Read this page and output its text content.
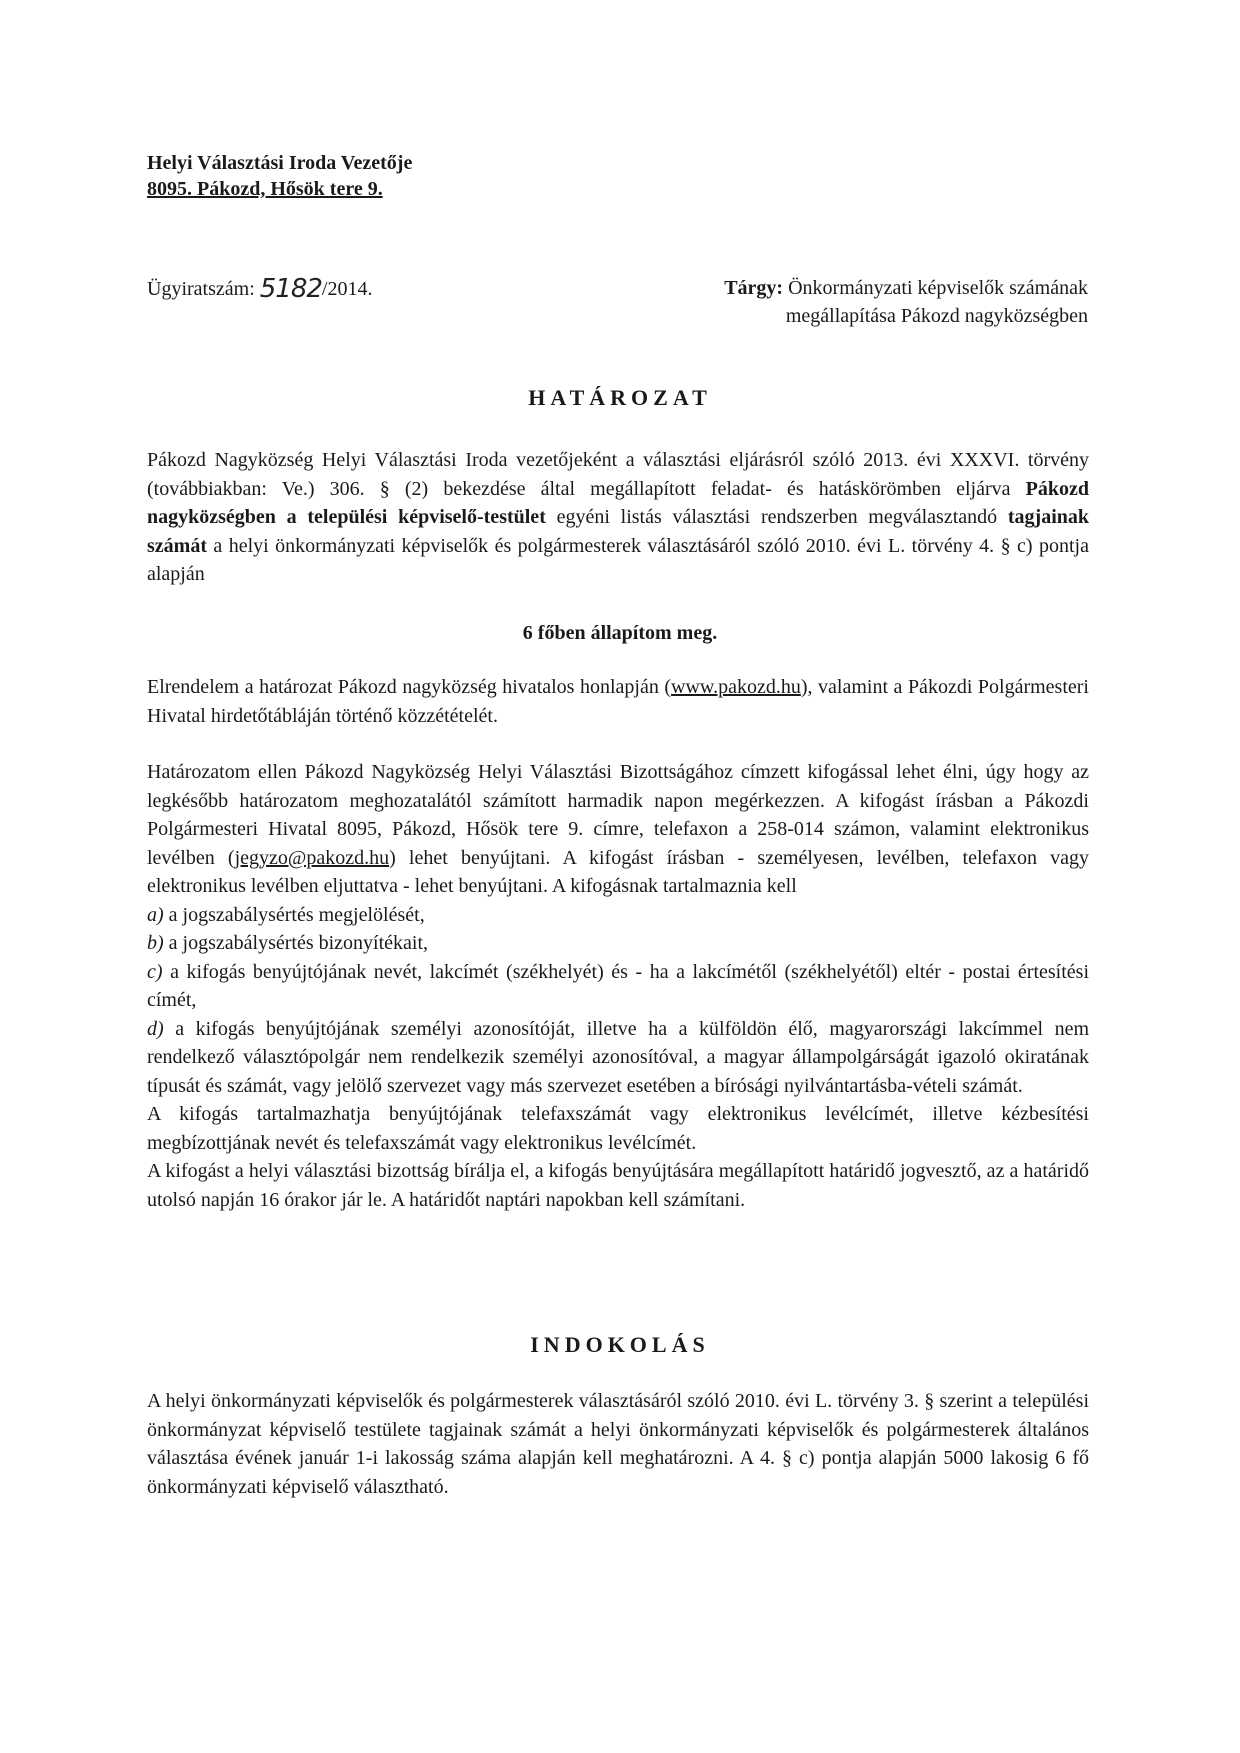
Helyi Választási Iroda Vezetője
8095. Pákozd, Hősök tere 9.
Ügyiratszám: 5182/2014.	Tárgy: Önkormányzati képviselők számának
megállapítása Pákozd nagyközségben
HATÁROZAT
Pákozd Nagyközség Helyi Választási Iroda vezetőjeként a választási eljárásról szóló 2013. évi XXXVI. törvény (továbbiakban: Ve.) 306. § (2) bekezdése által megállapított feladat- és hatáskörömben eljárva Pákozd nagyközségben a települési képviselő-testület egyéni listás választási rendszerben megválasztandó tagjainak számát a helyi önkormányzati képviselők és polgármesterek választásáról szóló 2010. évi L. törvény 4. § c) pontja alapján
6 főben állapítom meg.
Elrendelem a határozat Pákozd nagyközség hivatalos honlapján (www.pakozd.hu), valamint a Pákozdi Polgármesteri Hivatal hirdetőtábláján történő közzétételét.
Határozatom ellen Pákozd Nagyközség Helyi Választási Bizottságához címzett kifogással lehet élni, úgy hogy az legkésőbb határozatom meghozatalától számított harmadik napon megérkezzen. A kifogást írásban a Pákozdi Polgármesteri Hivatal 8095, Pákozd, Hősök tere 9. címre, telefaxon a 258-014 számon, valamint elektronikus levélben (jegyzo@pakozd.hu) lehet benyújtani. A kifogást írásban - személyesen, levélben, telefaxon vagy elektronikus levélben eljuttatva - lehet benyújtani. A kifogásnak tartalmaznia kell
a) a jogszabálysértés megjelölését,
b) a jogszabálysértés bizonyítékait,
c) a kifogás benyújtójának nevét, lakcímét (székhelyét) és - ha a lakcímétől (székhelyétől) eltér - postai értesítési címét,
d) a kifogás benyújtójának személyi azonosítóját, illetve ha a külföldön élő, magyarországi lakcímmel nem rendelkező választópolgár nem rendelkezik személyi azonosítóval, a magyar állampolgárságát igazoló okiratának típusát és számát, vagy jelölő szervezet vagy más szervezet esetében a bírósági nyilvántartásba-vételi számát.
A kifogás tartalmazhatja benyújtójának telefaxszámát vagy elektronikus levélcímét, illetve kézbesítési megbízottjának nevét és telefaxszámát vagy elektronikus levélcímét.
A kifogást a helyi választási bizottság bírálja el, a kifogás benyújtására megállapított határidő jogvesztő, az a határidő utolsó napján 16 órakor jár le. A határidőt naptári napokban kell számítani.
INDOKOLÁS
A helyi önkormányzati képviselők és polgármesterek választásáról szóló 2010. évi L. törvény 3. § szerint a települési önkormányzat képviselő testülete tagjainak számát a helyi önkormányzati képviselők és polgármesterek általános választása évének január 1-i lakosság száma alapján kell meghatározni. A 4. § c) pontja alapján 5000 lakosig 6 fő önkormányzati képviselő választható.
